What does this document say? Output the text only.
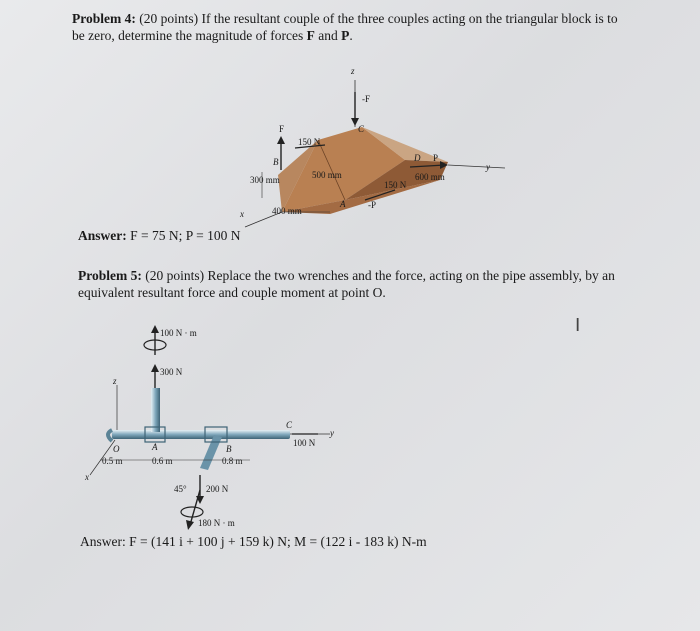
Problem 4: (20 points) If the resultant couple of the three couples acting on the triangular block is to be zero, determine the magnitude of forces F and P.
z
-F
C
F
150 N
B
300 mm	500 mm
400 mm
A	-P
150 N
D P
600 mm
y
x
Answer: F = 75 N; P = 100 N
Problem 5: (20 points) Replace the two wrenches and the force, acting on the pipe assembly, by an equivalent resultant force and couple moment at point O.
I
100 N · m
300 N
z
O	A	B
C
y
100 N
0.5 m	0.6 m	0.8 m
x
45° 200 N
180 N · m
Answer: F = (141 i + 100 j + 159 k) N; M = (122 i - 183 k) N-m
